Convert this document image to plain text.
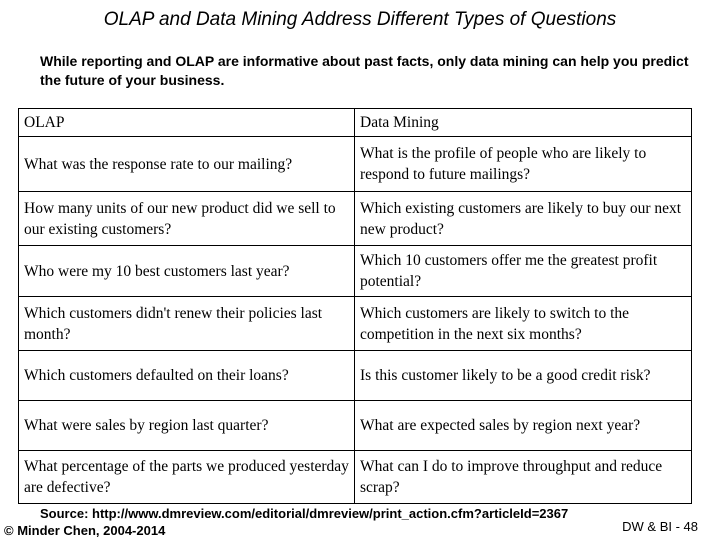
OLAP and Data Mining Address Different Types of Questions
While reporting and OLAP are informative about past facts, only data mining can help you predict the future of your business.
OLAP	Data Mining
What was the response rate to our mailing?	What is the profile of people who are likely to respond to future mailings?
How many units of our new product did we sell to our existing customers?	Which existing customers are likely to buy our next new product?
Who were my 10 best customers last year?	Which 10 customers offer me the greatest profit potential?
Which customers didn't renew their policies last month?	Which customers are likely to switch to the competition in the next six months?
Which customers defaulted on their loans?	Is this customer likely to be a good credit risk?
What were sales by region last quarter?	What are expected sales by region next year?
What percentage of the parts we produced yesterday are defective?	What can I do to improve throughput and reduce scrap?
Source: http://www.dmreview.com/editorial/dmreview/print_action.cfm?articleId=2367
© Minder Chen, 2004-2014	DW & BI - 48
